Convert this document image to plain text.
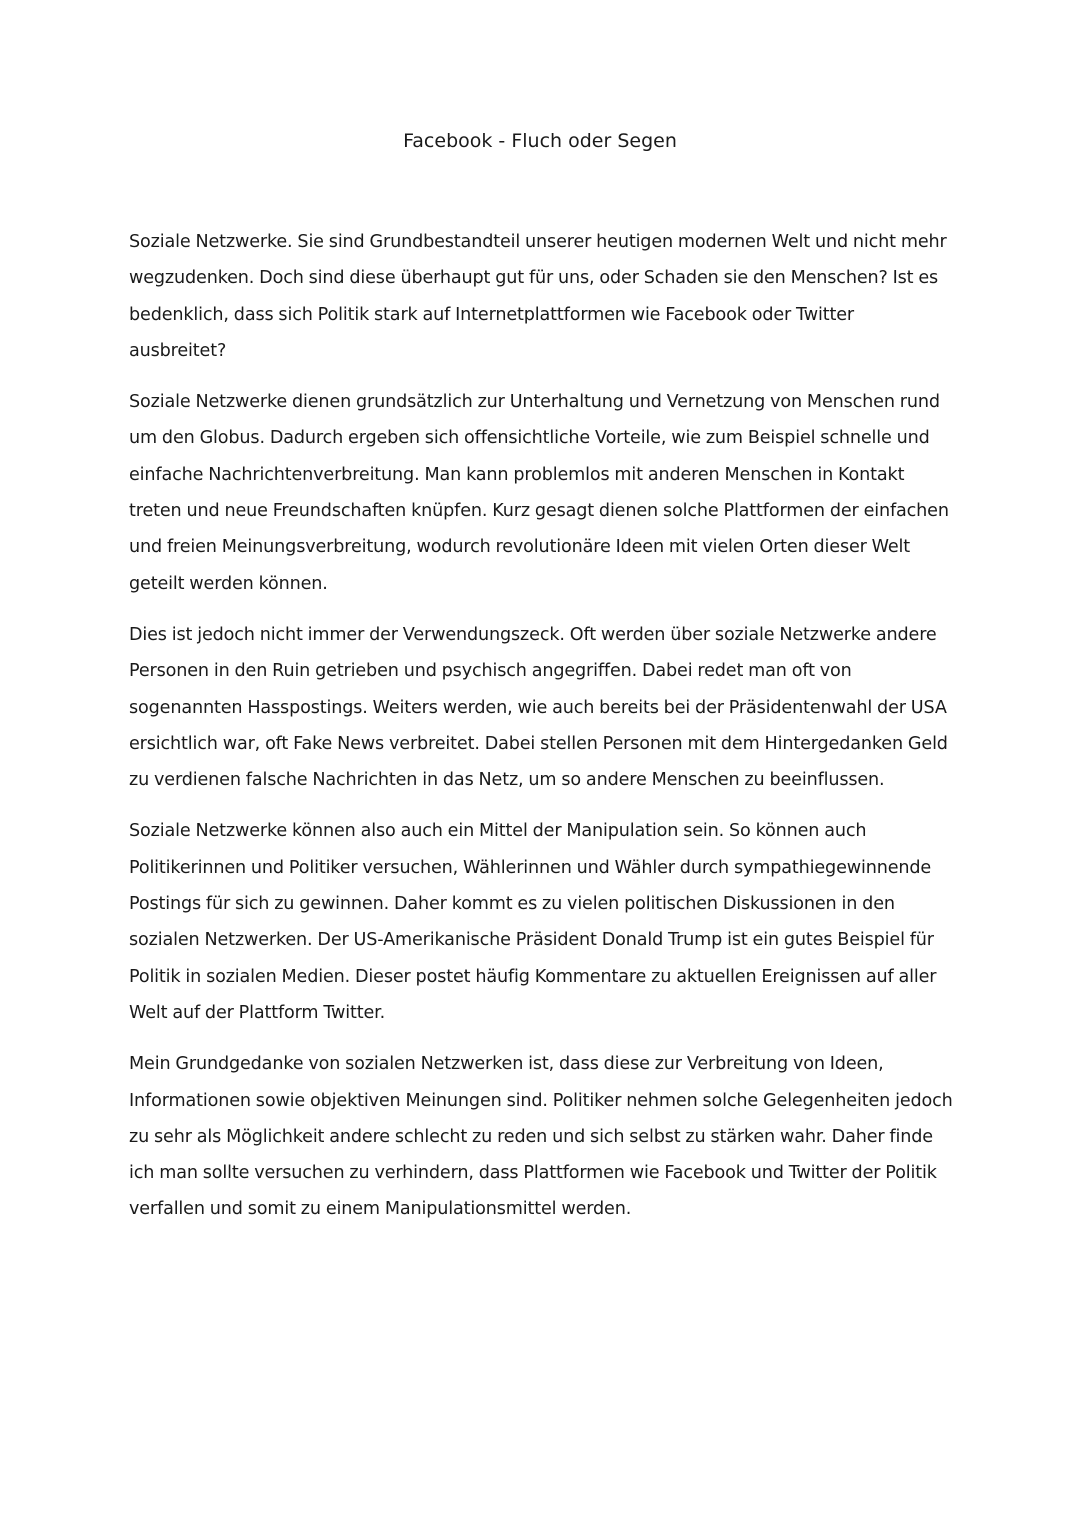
Facebook - Fluch oder Segen

Soziale Netzwerke. Sie sind Grundbestandteil unserer heutigen modernen Welt und nicht mehr wegzudenken. Doch sind diese überhaupt gut für uns, oder Schaden sie den Menschen? Ist es bedenklich, dass sich Politik stark auf Internetplattformen wie Facebook oder Twitter ausbreitet?

Soziale Netzwerke dienen grundsätzlich zur Unterhaltung und Vernetzung von Menschen rund um den Globus. Dadurch ergeben sich offensichtliche Vorteile, wie zum Beispiel schnelle und einfache Nachrichtenverbreitung. Man kann problemlos mit anderen Menschen in Kontakt treten und neue Freundschaften knüpfen. Kurz gesagt dienen solche Plattformen der einfachen und freien Meinungsverbreitung, wodurch revolutionäre Ideen mit vielen Orten dieser Welt geteilt werden können.

Dies ist jedoch nicht immer der Verwendungszeck. Oft werden über soziale Netzwerke andere Personen in den Ruin getrieben und psychisch angegriffen. Dabei redet man oft von sogenannten Hasspostings. Weiters werden, wie auch bereits bei der Präsidentenwahl der USA ersichtlich war, oft Fake News verbreitet. Dabei stellen Personen mit dem Hintergedanken Geld zu verdienen falsche Nachrichten in das Netz, um so andere Menschen zu beeinflussen.

Soziale Netzwerke können also auch ein Mittel der Manipulation sein. So können auch Politikerinnen und Politiker versuchen, Wählerinnen und Wähler durch sympathiegewinnende Postings für sich zu gewinnen. Daher kommt es zu vielen politischen Diskussionen in den sozialen Netzwerken. Der US-Amerikanische Präsident Donald Trump ist ein gutes Beispiel für Politik in sozialen Medien. Dieser postet häufig Kommentare zu aktuellen Ereignissen auf aller Welt auf der Plattform Twitter.

Mein Grundgedanke von sozialen Netzwerken ist, dass diese zur Verbreitung von Ideen, Informationen sowie objektiven Meinungen sind. Politiker nehmen solche Gelegenheiten jedoch zu sehr als Möglichkeit andere schlecht zu reden und sich selbst zu stärken wahr. Daher finde ich man sollte versuchen zu verhindern, dass Plattformen wie Facebook und Twitter der Politik verfallen und somit zu einem Manipulationsmittel werden.
